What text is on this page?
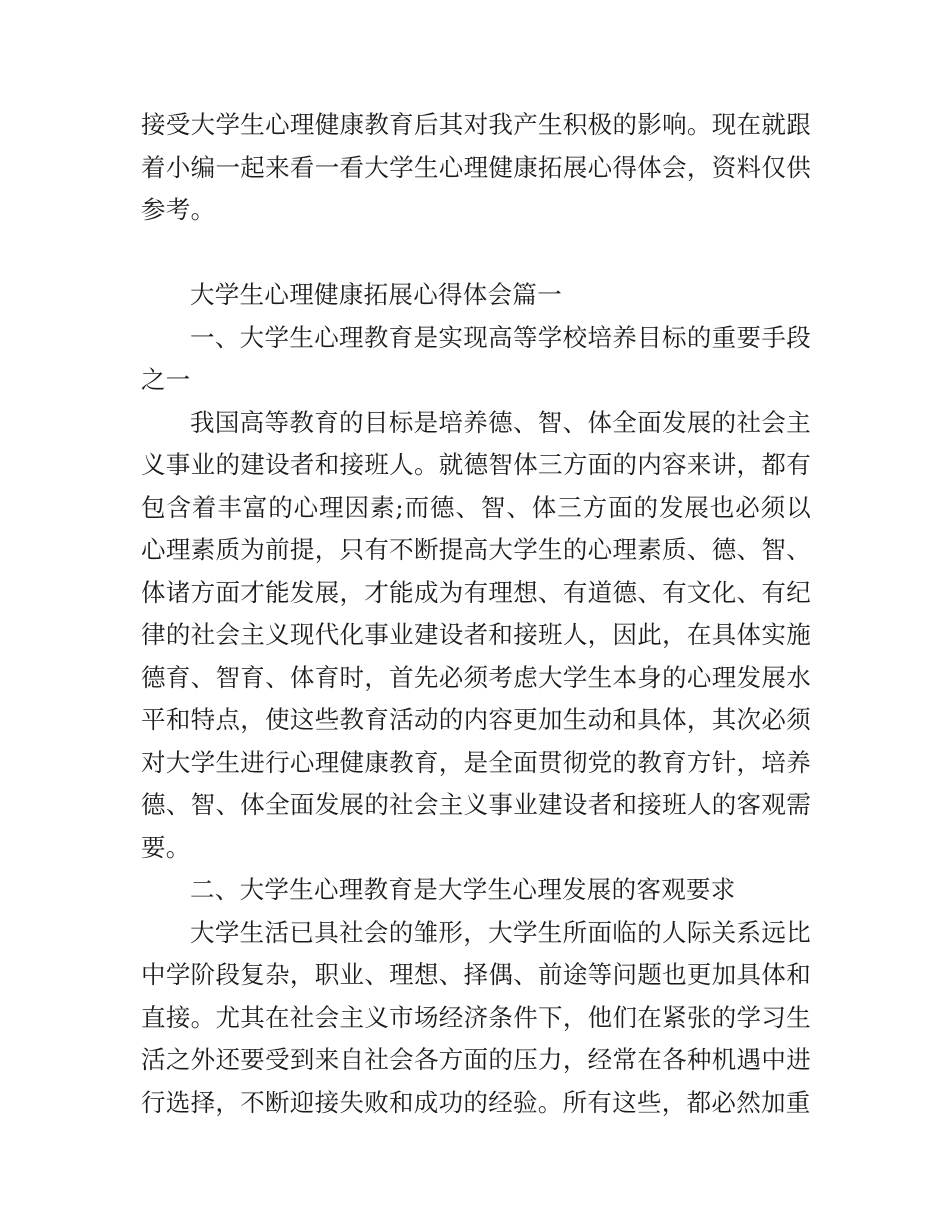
接受大学生心理健康教育后其对我产生积极的影响。现在就跟着小编一起来看一看大学生心理健康拓展心得体会，资料仅供参考。

大学生心理健康拓展心得体会篇一

一、大学生心理教育是实现高等学校培养目标的重要手段之一

我国高等教育的目标是培养德、智、体全面发展的社会主义事业的建设者和接班人。就德智体三方面的内容来讲，都有包含着丰富的心理因素;而德、智、体三方面的发展也必须以心理素质为前提，只有不断提高大学生的心理素质、德、智、体诸方面才能发展，才能成为有理想、有道德、有文化、有纪律的社会主义现代化事业建设者和接班人，因此，在具体实施德育、智育、体育时，首先必须考虑大学生本身的心理发展水平和特点，使这些教育活动的内容更加生动和具体，其次必须对大学生进行心理健康教育，是全面贯彻党的教育方针，培养德、智、体全面发展的社会主义事业建设者和接班人的客观需要。

二、大学生心理教育是大学生心理发展的客观要求

大学生活已具社会的雏形，大学生所面临的人际关系远比中学阶段复杂，职业、理想、择偶、前途等问题也更加具体和直接。尤其在社会主义市场经济条件下，他们在紧张的学习生活之外还要受到来自社会各方面的压力，经常在各种机遇中进行选择，不断迎接失败和成功的经验。所有这些，都必然加重
